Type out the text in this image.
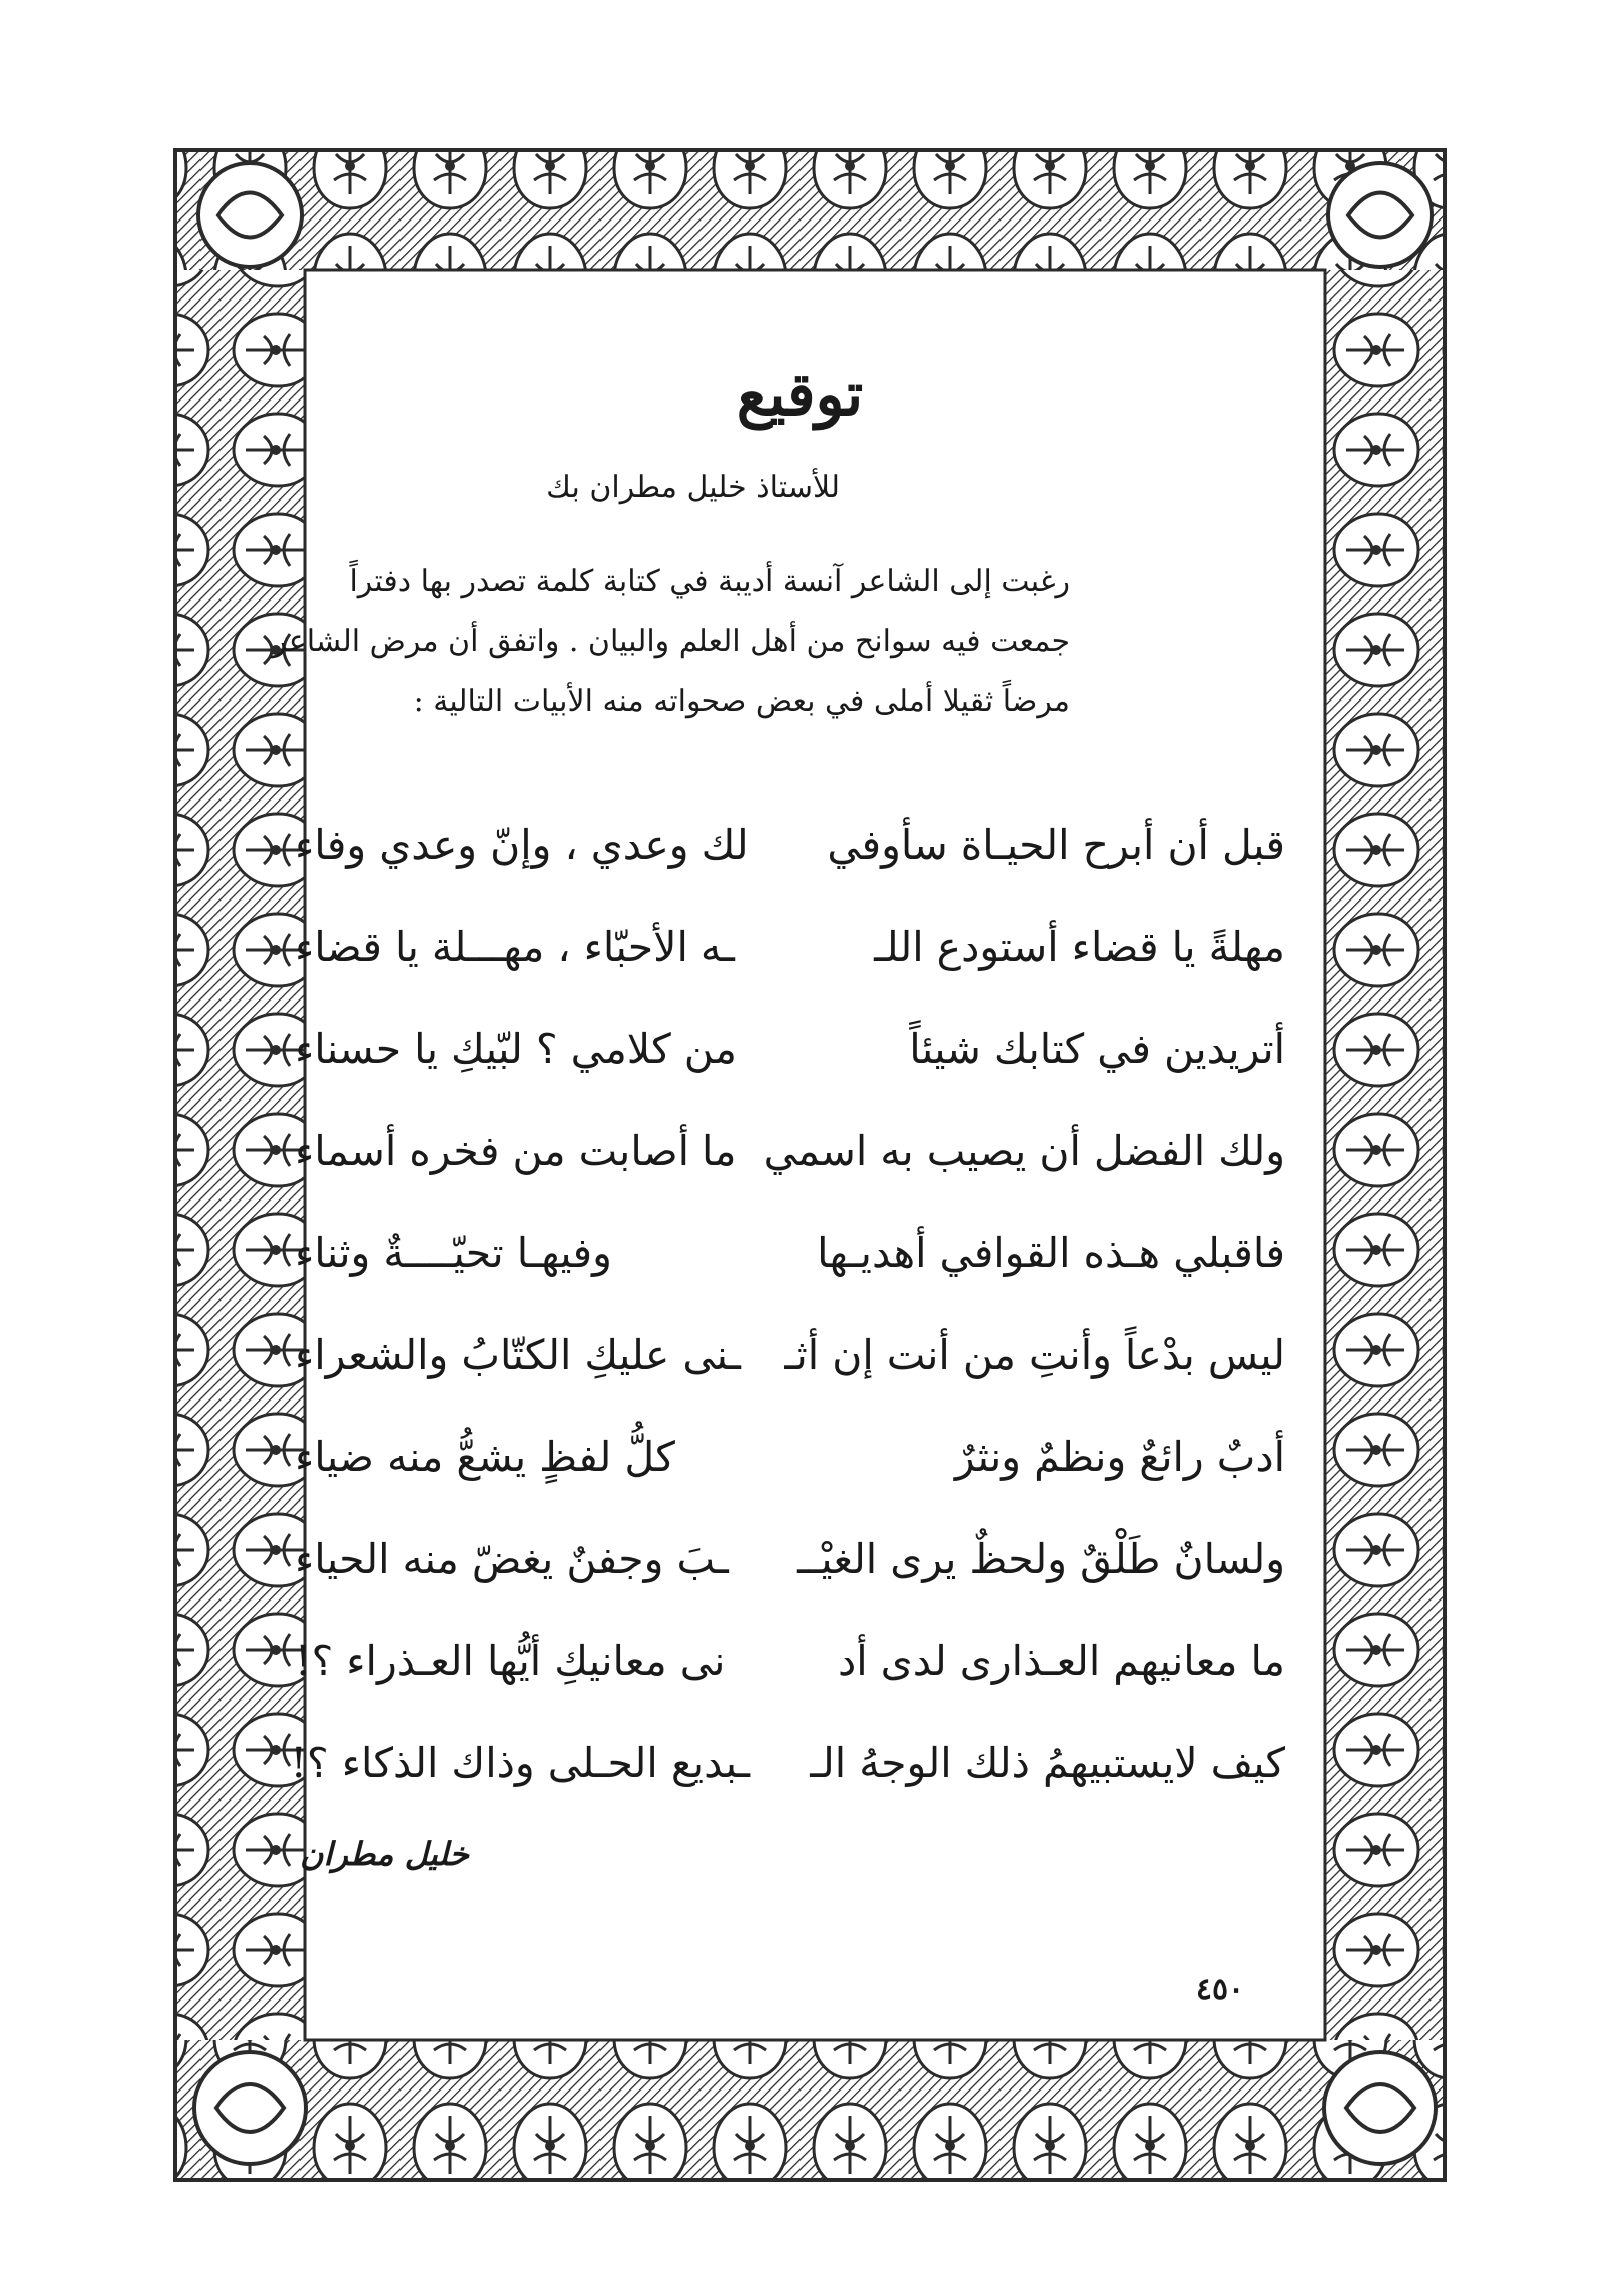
توقيع
للأستاذ خليل مطران بك
رغبت إلى الشاعر آنسة أديبة في كتابة كلمة تصدر بها دفتراً
جمعت فيه سوانح من أهل العلم والبيان . واتفق أن مرض الشاعر
مرضاً ثقيلا أملى في بعض صحواته منه الأبيات التالية :
قبل أن أبرح الحيـاة سأوفي
لك وعدي ، وإنّ وعدي وفاء
مهلةً يا قضاء أستودع اللـ
ـه الأحبّاء ، مهـــلة يا قضاء
أتريدين في كتابك شيئاً
من كلامي ؟ لبّيكِ يا حسناء
ولك الفضل أن يصيب به اسمي
ما أصابت من فخره أسماء
فاقبلي هـذه القوافي أهديـها
وفيهـا تحيّــــةٌ وثناء
ليس بدْعاً وأنتِ من أنت إن أثـ
ـنى عليكِ الكتّابُ والشعراء
أدبٌ رائعٌ ونظمٌ ونثرٌ
كلُّ لفظٍ يشعُّ منه ضياء
ولسانٌ طَلْقٌ ولحظٌ يرى الغيْــ
ـبَ وجفنٌ يغضّ منه الحياء
ما معانيهم العـذارى لدى أد
نى معانيكِ أيُّها العـذراء ؟!
كيف لايستبيهمُ ذلك الوجهُ الـ
ـبديع الحـلى وذاك الذكاء ؟!
خليل مطران
٤٥٠
